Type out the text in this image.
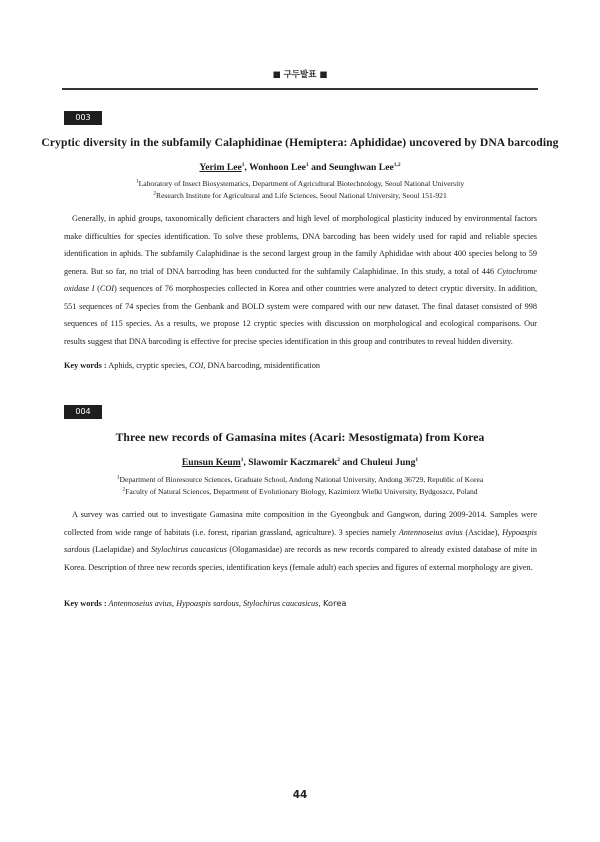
■ 구두발표 ■
003
Cryptic diversity in the subfamily Calaphidinae (Hemiptera: Aphididae) uncovered by DNA barcoding
Yerim Lee$^1$, Wonhoon Lee$^1$ and Seunghwan Lee$^{1,2}$
$^1$Laboratory of Insect Biosystematics, Department of Agricultural Biotechnology, Seoul National University
$^2$Research Institute for Agricultural and Life Sciences, Seoul National University, Seoul 151-921
Generally, in aphid groups, taxonomically deficient characters and high level of morphological plasticity induced by environmental factors make difficulties for species identification. To solve these problems, DNA barcoding has been widely used for rapid and reliable species identification in aphids. The subfamily Calaphidinae is the second largest group in the family Aphididae with about 400 species belong to 59 genera. But so far, no trial of DNA barcoding has been conducted for the subfamily Calaphidinae. In this study, a total of 446 Cytochrome oxidase I (COI) sequences of 76 morphospecies collected in Korea and other countries were analyzed to detect cryptic diversity. In addition, 551 sequences of 74 species from the Genbank and BOLD system were compared with our new dataset. The final dataset consisted of 998 sequences of 115 species. As a results, we propose 12 cryptic species with discussion on morphological and ecological comparisons. Our results suggest that DNA barcoding is effective for precise species identification in this group and contributes to reveal hidden diversity.
Key words : Aphids, cryptic species, COI, DNA barcoding, misidentification
004
Three new records of Gamasina mites (Acari: Mesostigmata) from Korea
Eunsun Keum$^1$, Slawomir Kaczmarek$^2$ and Chuleui Jung$^1$
$^1$Department of Bioresource Sciences, Graduate School, Andong National University, Andong 36729, Republic of Korea
$^2$Faculty of Natural Sciences, Department of Evolutionary Biology, Kazimierz Wielki University, Bydgoszcz, Poland
A survey was carried out to investigate Gamasina mite composition in the Gyeongbuk and Gangwon, during 2009-2014. Samples were collected from wide range of habitats (i.e. forest, riparian grassland, agriculture). 3 species namely Antennoseius avius (Ascidae), Hypoaspis sardous (Laelapidae) and Stylochirus caucasicus (Ologamasidae) are records as new records compared to already existed database of mite in Korea. Description of three new records species, identification keys (female adult) each species and figures of external morphology are given.
Key words : Antennoseius avius, Hypoaspis sardous, Stylochirus caucasicus, Korea
44
